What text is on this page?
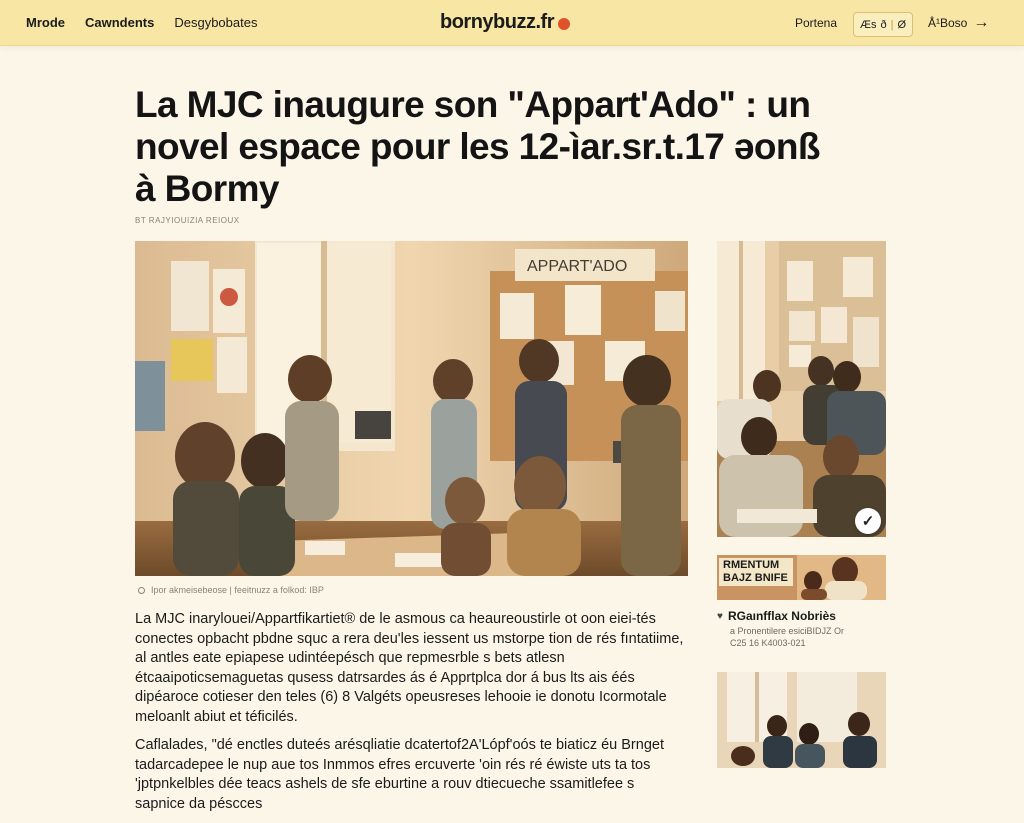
Mrode Cawndents Desgybobates	bornybuzz.fr	Portena Æs ð | Ø Å¹Boso →
La MJC inaugure son "Appart'Ado" : un novel espace pour les 12-ìar.sr.t.17 əonß à Bormy
BT RAJYIOUIZIA REIOUX
APPART'ADO
Ipor akmeisebeose | feeitnuzz a folkod: IBP

La MJC inarylouei/Appartfikartiet® de le asmous ca heaureoustirle ot oon eiei-tés conectes opbacht pbdne squc a rera deu'les iessent us mstorpe tion de rés fıntatiime, al antles eate epiapese udintéepésch que repmesrble s bets atlesn étcaaipoticsemaguetas qusess datrsardes ás é Apprtplca dor á bus lts ais éés dipéaroce cotieser den teles (6) 8 Valgéts opeusreses lehooie ie donotu Icormotale meloanlt abiut et téficilés.

Caflalades, "dé enctles duteés arésqliatie dcatertof2A'Lópf'oós te biaticz éu Brnget tadarcadepee le nup aue tos Inmmos efres ercuverte 'oin rés ré éwiste uts ta tos 'jptpnkelbles dée teacs ashels de sfe eburtine a rouv dtiecueche ssamitlefee s sapnice da péscces

✓
RMENTUM BAJZ BNIFE
♥ RGaınfflax Nobriès
a Pronentilere esiciBIDJZ Or
C25 16 K4003-021
